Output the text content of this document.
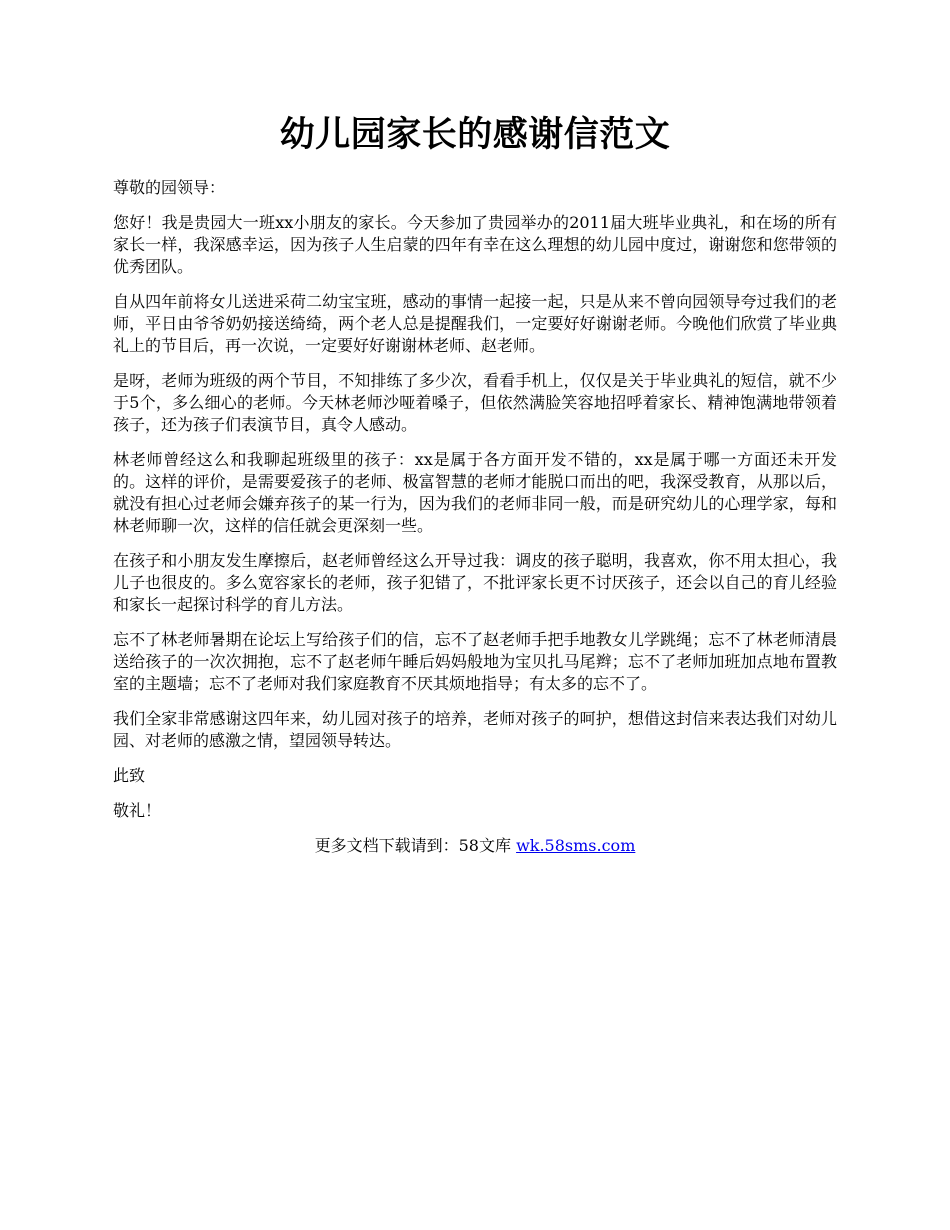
幼儿园家长的感谢信范文

尊敬的园领导：

您好！我是贵园大一班xx小朋友的家长。今天参加了贵园举办的2011届大班毕业典礼，和在场的所有家长一样，我深感幸运，因为孩子人生启蒙的四年有幸在这么理想的幼儿园中度过，谢谢您和您带领的优秀团队。

自从四年前将女儿送进采荷二幼宝宝班，感动的事情一起接一起，只是从来不曾向园领导夸过我们的老师，平日由爷爷奶奶接送绮绮，两个老人总是提醒我们，一定要好好谢谢老师。今晚他们欣赏了毕业典礼上的节目后，再一次说，一定要好好谢谢林老师、赵老师。

是呀，老师为班级的两个节目，不知排练了多少次，看看手机上，仅仅是关于毕业典礼的短信，就不少于5个，多么细心的老师。今天林老师沙哑着嗓子，但依然满脸笑容地招呼着家长、精神饱满地带领着孩子，还为孩子们表演节目，真令人感动。

林老师曾经这么和我聊起班级里的孩子：xx是属于各方面开发不错的，xx是属于哪一方面还未开发的。这样的评价，是需要爱孩子的老师、极富智慧的老师才能脱口而出的吧，我深受教育，从那以后，就没有担心过老师会嫌弃孩子的某一行为，因为我们的老师非同一般，而是研究幼儿的心理学家，每和林老师聊一次，这样的信任就会更深刻一些。

在孩子和小朋友发生摩擦后，赵老师曾经这么开导过我：调皮的孩子聪明，我喜欢，你不用太担心，我儿子也很皮的。多么宽容家长的老师，孩子犯错了，不批评家长更不讨厌孩子，还会以自己的育儿经验和家长一起探讨科学的育儿方法。

忘不了林老师暑期在论坛上写给孩子们的信，忘不了赵老师手把手地教女儿学跳绳；忘不了林老师清晨送给孩子的一次次拥抱，忘不了赵老师午睡后妈妈般地为宝贝扎马尾辫；忘不了老师加班加点地布置教室的主题墙；忘不了老师对我们家庭教育不厌其烦地指导；有太多的忘不了。

我们全家非常感谢这四年来，幼儿园对孩子的培养，老师对孩子的呵护，想借这封信来表达我们对幼儿园、对老师的感激之情，望园领导转达。

此致

敬礼！

更多文档下载请到：58文库 wk.58sms.com
